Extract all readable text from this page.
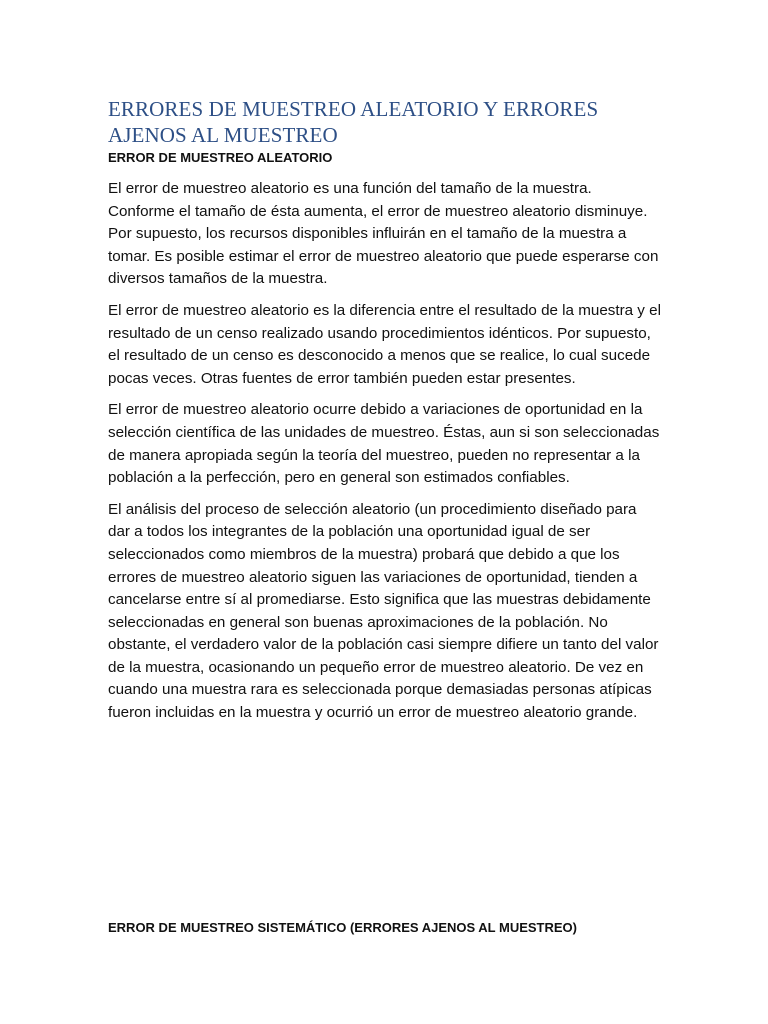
ERRORES DE MUESTREO ALEATORIO Y ERRORES AJENOS AL MUESTREO
ERROR DE MUESTREO ALEATORIO

El error de muestreo aleatorio es una función del tamaño de la muestra. Conforme el tamaño de ésta aumenta, el error de muestreo aleatorio disminuye. Por supuesto, los recursos disponibles influirán en el tamaño de la muestra a tomar. Es posible estimar el error de muestreo aleatorio que puede esperarse con diversos tamaños de la muestra.

El error de muestreo aleatorio es la diferencia entre el resultado de la muestra y el resultado de un censo realizado usando procedimientos idénticos. Por supuesto, el resultado de un censo es desconocido a menos que se realice, lo cual sucede pocas veces. Otras fuentes de error también pueden estar presentes.

El error de muestreo aleatorio ocurre debido a variaciones de oportunidad en la selección científica de las unidades de muestreo. Éstas, aun si son seleccionadas de manera apropiada según la teoría del muestreo, pueden no representar a la población a la perfección, pero en general son estimados confiables.

El análisis del proceso de selección aleatorio (un procedimiento diseñado para dar a todos los integrantes de la población una oportunidad igual de ser seleccionados como miembros de la muestra) probará que debido a que los errores de muestreo aleatorio siguen las variaciones de oportunidad, tienden a cancelarse entre sí al promediarse. Esto significa que las muestras debidamente seleccionadas en general son buenas aproximaciones de la población. No obstante, el verdadero valor de la población casi siempre difiere un tanto del valor de la muestra, ocasionando un pequeño error de muestreo aleatorio. De vez en cuando una muestra rara es seleccionada porque demasiadas personas atípicas fueron incluidas en la muestra y ocurrió un error de muestreo aleatorio grande.

ERROR DE MUESTREO SISTEMÁTICO (ERRORES AJENOS AL MUESTREO)
